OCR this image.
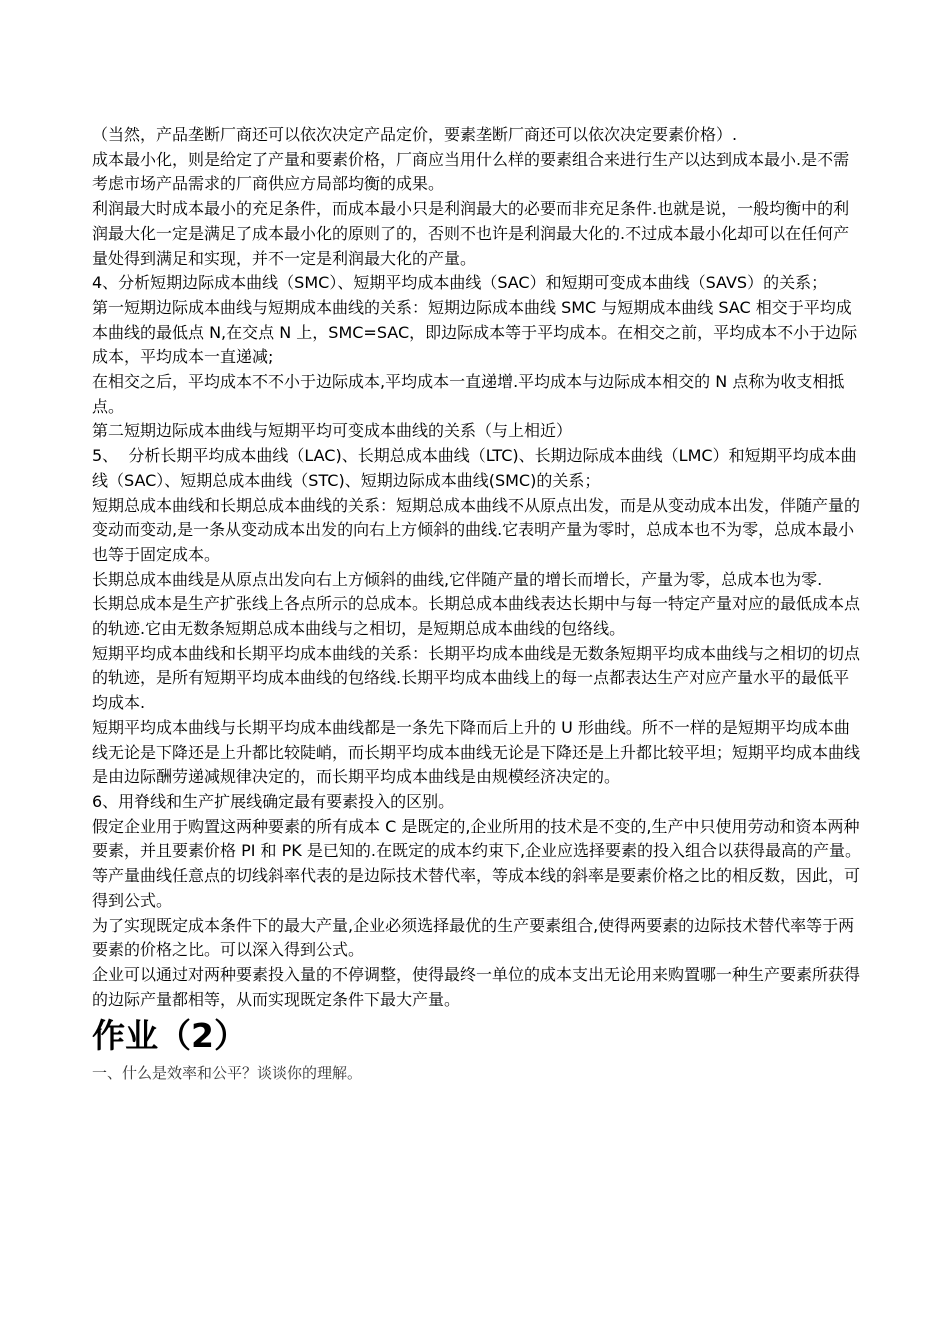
（当然，产品垄断厂商还可以依次决定产品定价，要素垄断厂商还可以依次决定要素价格）.

成本最小化，则是给定了产量和要素价格，厂商应当用什么样的要素组合来进行生产以达到成本最小.是不需考虑市场产品需求的厂商供应方局部均衡的成果。

利润最大时成本最小的充足条件，而成本最小只是利润最大的必要而非充足条件.也就是说，一般均衡中的利润最大化一定是满足了成本最小化的原则了的，否则不也许是利润最大化的.不过成本最小化却可以在任何产量处得到满足和实现，并不一定是利润最大化的产量。

4、分析短期边际成本曲线（SMC）、短期平均成本曲线（SAC）和短期可变成本曲线（SAVS）的关系；

第一短期边际成本曲线与短期成本曲线的关系：短期边际成本曲线 SMC 与短期成本曲线 SAC 相交于平均成本曲线的最低点 N,在交点 N 上，SMC=SAC，即边际成本等于平均成本。在相交之前，平均成本不小于边际成本，平均成本一直递减;

在相交之后，平均成本不不小于边际成本,平均成本一直递增.平均成本与边际成本相交的 N 点称为收支相抵点。

第二短期边际成本曲线与短期平均可变成本曲线的关系（与上相近）

5、  分析长期平均成本曲线（LAC)、长期总成本曲线（LTC)、长期边际成本曲线（LMC）和短期平均成本曲线（SAC）、短期总成本曲线（STC)、短期边际成本曲线(SMC)的关系；

短期总成本曲线和长期总成本曲线的关系：短期总成本曲线不从原点出发，而是从变动成本出发，伴随产量的变动而变动,是一条从变动成本出发的向右上方倾斜的曲线.它表明产量为零时，总成本也不为零，总成本最小也等于固定成本。

长期总成本曲线是从原点出发向右上方倾斜的曲线,它伴随产量的增长而增长，产量为零，总成本也为零.

长期总成本是生产扩张线上各点所示的总成本。长期总成本曲线表达长期中与每一特定产量对应的最低成本点的轨迹.它由无数条短期总成本曲线与之相切，是短期总成本曲线的包络线。

短期平均成本曲线和长期平均成本曲线的关系：长期平均成本曲线是无数条短期平均成本曲线与之相切的切点的轨迹，是所有短期平均成本曲线的包络线.长期平均成本曲线上的每一点都表达生产对应产量水平的最低平均成本.

短期平均成本曲线与长期平均成本曲线都是一条先下降而后上升的 U 形曲线。所不一样的是短期平均成本曲线无论是下降还是上升都比较陡峭，而长期平均成本曲线无论是下降还是上升都比较平坦；短期平均成本曲线是由边际酬劳递减规律决定的，而长期平均成本曲线是由规模经济决定的。

6、用脊线和生产扩展线确定最有要素投入的区别。

假定企业用于购置这两种要素的所有成本 C 是既定的,企业所用的技术是不变的,生产中只使用劳动和资本两种要素，并且要素价格 PI 和 PK 是已知的.在既定的成本约束下,企业应选择要素的投入组合以获得最高的产量。

等产量曲线任意点的切线斜率代表的是边际技术替代率，等成本线的斜率是要素价格之比的相反数，因此，可得到公式。

为了实现既定成本条件下的最大产量,企业必须选择最优的生产要素组合,使得两要素的边际技术替代率等于两要素的价格之比。可以深入得到公式。

企业可以通过对两种要素投入量的不停调整，使得最终一单位的成本支出无论用来购置哪一种生产要素所获得的边际产量都相等，从而实现既定条件下最大产量。

作业（2）

一、什么是效率和公平？谈谈你的理解。
